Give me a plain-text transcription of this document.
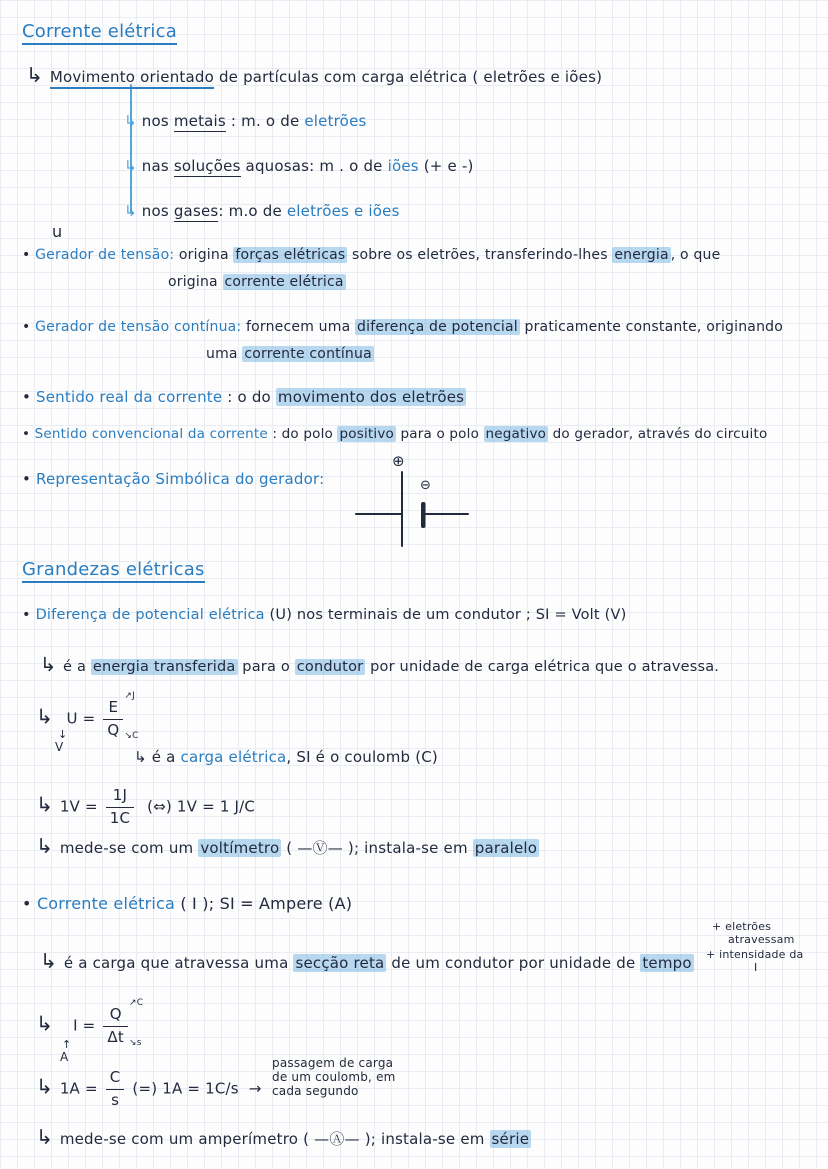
⊕
⊖
Corrente elétrica
↳ Movimento orientado de partículas com carga elétrica ( eletrões e iões)
↳ nos metais : m. o de eletrões
↳ nas soluções aquosas: m . o de iões (+ e -)
↳ nos gases: m.o de eletrões e iões
u
• Gerador de tensão: origina forças elétricas sobre os eletrões, transferindo-lhes energia , o que
origina corrente elétrica
• Gerador de tensão contínua: fornecem uma diferença de potencial praticamente constante, originando
uma corrente contínua
• Sentido real da corrente : o do movimento dos eletrões
• Sentido convencional da corrente : do polo positivo para o polo negativo do gerador, através do circuito
• Representação Simbólica do gerador:
Grandezas elétricas
• Diferença de potencial elétrica (U) nos terminais de um condutor ; SI = Volt (V)
↳ é a energia transferida para o condutor por unidade de carga elétrica que o atravessa.
↳  U = E
↗J
Q ↘C
↓
V
↳ é a carga elétrica, SI é o coulomb (C)
↳ $1V = \frac{1J}{1C}$ (⇔) 1V = 1 J/C
↳ mede-se com um voltímetro ( —Ⓥ— ); instala-se em paralelo
• Corrente elétrica ( I ); SI = Ampere (A)
+ eletrões
atravessam
+ intensidade da
I
↳ é a carga que atravessa uma secção reta de um condutor por unidade de tempo
↳   I = Q
↗C
Δt ↘s
↑
A
↳ $1A = \frac{C}{s}$ (=) 1A = 1C/s  →
passagem de carga
de um coulomb, em
cada segundo
↳ mede-se com um amperímetro ( —Ⓐ— ); instala-se em série
